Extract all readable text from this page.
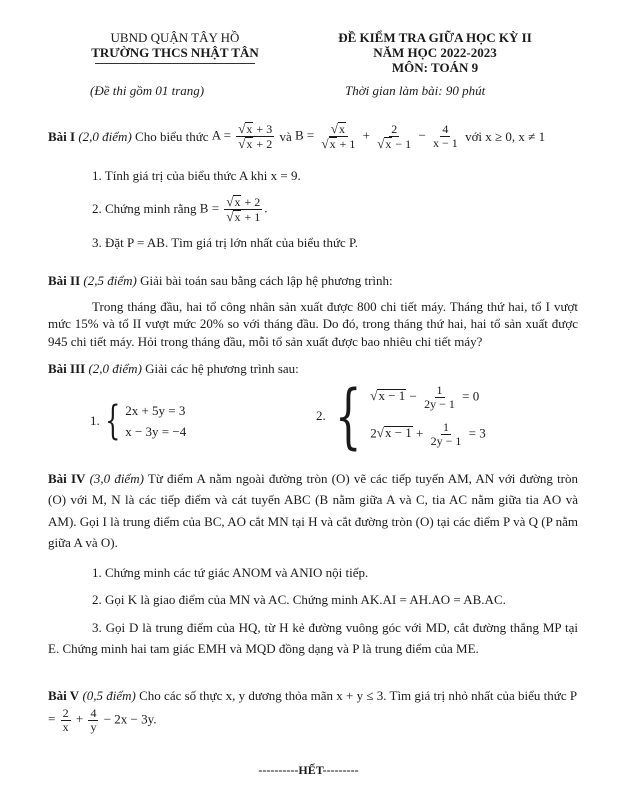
UBND QUẬN TÂY HỒ
TRƯỜNG THCS NHẬT TÂN
ĐỀ KIỂM TRA GIỮA HỌC KỲ II
NĂM HỌC 2022-2023
MÔN: TOÁN 9
(Đề thi gồm 01 trang)	Thời gian làm bài: 90 phút
Bài I
(2,0 điểm)
Cho biểu thức
$A = \frac{√ x + 3}{√ x + 2}$
và
$B = \frac{√ x}{√ x + 1} + \frac{2}{√ x - 1} - \frac{4}{x - 1}$
với x ≥ 0, x ≠ 1
1. Tính giá trị của biểu thức A khi x = 9.
2. Chứng minh rằng
$B = \frac{√ x + 2}{√ x + 1}$ .
3. Đặt P = AB. Tìm giá trị lớn nhất của biểu thức P.
Bài II (2,5 điểm) Giải bài toán sau bằng cách lập hệ phương trình:
Trong tháng đầu, hai tổ công nhân sản xuất được 800 chi tiết máy. Tháng thứ hai, tổ I vượt mức 15% và tổ II vượt mức 20% so với tháng đầu. Do đó, trong tháng thứ hai, hai tổ sản xuất được 945 chi tiết máy. Hỏi trong tháng đầu, mỗi tổ sản xuất được bao nhiêu chi tiết máy?
Bài III (2,0 điểm) Giải các hệ phương trình sau:
1. { 2x + 5y = 3
x − 3y = −4
2. { √ $x - 1 - \frac{1}{2y - 1} = 0$
2 √ $x - 1 + \frac{1}{2y - 1} = 3$
Bài IV (3,0 điểm) Từ điểm A nằm ngoài đường tròn (O) vẽ các tiếp tuyến AM, AN với đường tròn (O) với M, N là các tiếp điểm và cát tuyến ABC (B nằm giữa A và C, tia AC nằm giữa tia AO và AM). Gọi I là trung điểm của BC, AO cắt MN tại H và cắt đường tròn (O) tại các điểm P và Q (P nằm giữa A và O).
1. Chứng minh các tứ giác ANOM và ANIO nội tiếp.
2. Gọi K là giao điểm của MN và AC. Chứng minh AK.AI = AH.AO = AB.AC.
3. Gọi D là trung điểm của HQ, từ H kẻ đường vuông góc với MD, cắt đường thẳng MP tại E. Chứng minh hai tam giác EMH và MQD đồng dạng và P là trung điểm của ME.
Bài V (0,5 điểm) Cho các số thực x, y dương thỏa mãn x + y ≤ 3. Tìm giá trị nhỏ nhất của biểu thức $P = \frac{2}{x} + \frac{4}{y} - 2x - 3y$.
----------HẾT---------
